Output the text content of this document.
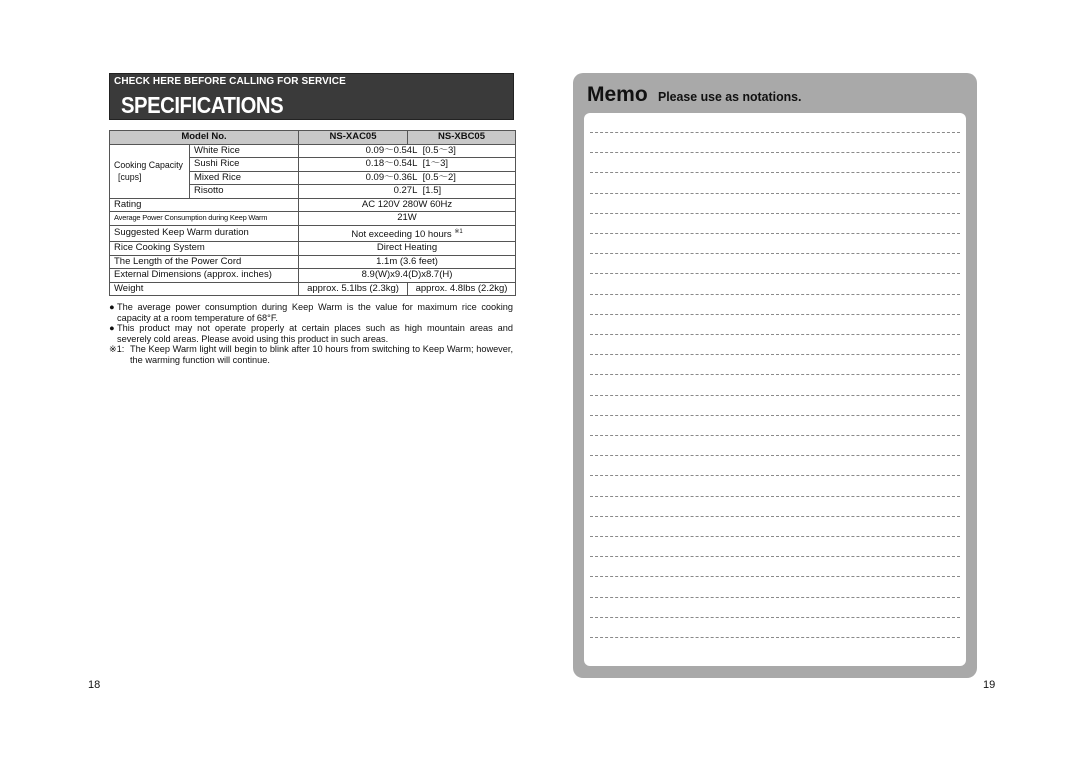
CHECK HERE BEFORE CALLING FOR SERVICE
SPECIFICATIONS
Model No.		NS-XAC05	NS-XBC05

Cooking Capacity
[cups]	White Rice	0.09〜0.54L [0.5〜3]	
	Sushi Rice	0.18〜0.54L [1〜3]	
	Mixed Rice	0.09〜0.36L [0.5〜2]	
	Risotto	0.27L [1.5]	
Rating		AC 120V 280W 60Hz	
Average Power Consumption during Keep Warm		21W	
Suggested Keep Warm duration		Not exceeding 10 hours $^{※1}$
Rice Cooking System		Direct Heating	
The Length of the Power Cord		1.1m (3.6 feet)	
External Dimensions (approx. inches)		8.9(W)x9.4(D)x8.7(H)	
Weight		approx. 5.1lbs (2.3kg)	approx. 4.8lbs (2.2kg)
● The average power consumption during Keep Warm is the value for maximum rice cooking capacity at a room temperature of 68°F.
● This product may not operate properly at certain places such as high mountain areas and severely cold areas. Please avoid using this product in such areas.
※1: The Keep Warm light will begin to blink after 10 hours from switching to Keep Warm; however, the warming function will continue.
18
Memo Please use as notations.
19
